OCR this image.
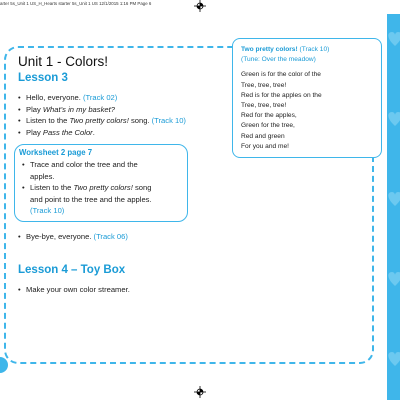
arter 5s_Unit 1 US_H_Hearts starter 5s_Unit 1 US 12/1/2015 1:16 PM Page 6
Unit 1 - Colors!
Lesson 3
• Hello, everyone. (Track 02)
• Play What’s in my basket?
• Listen to the Two pretty colors! song. (Track 10)
• Play Pass the Color.
Worksheet 2 page 7
• Trace and color the tree and the
apples.
• Listen to the Two pretty colors! song
and point to the tree and the apples.
(Track 10)
• Bye-bye, everyone. (Track 06)
Lesson 4 – Toy Box
• Make your own color streamer.
Two pretty colors! (Track 10)
(Tune: Over the meadow)
Green is for the color of the
Tree, tree, tree!
Red is for the apples on the
Tree, tree, tree!
Red for the apples,
Green for the tree,
Red and green
For you and me!
